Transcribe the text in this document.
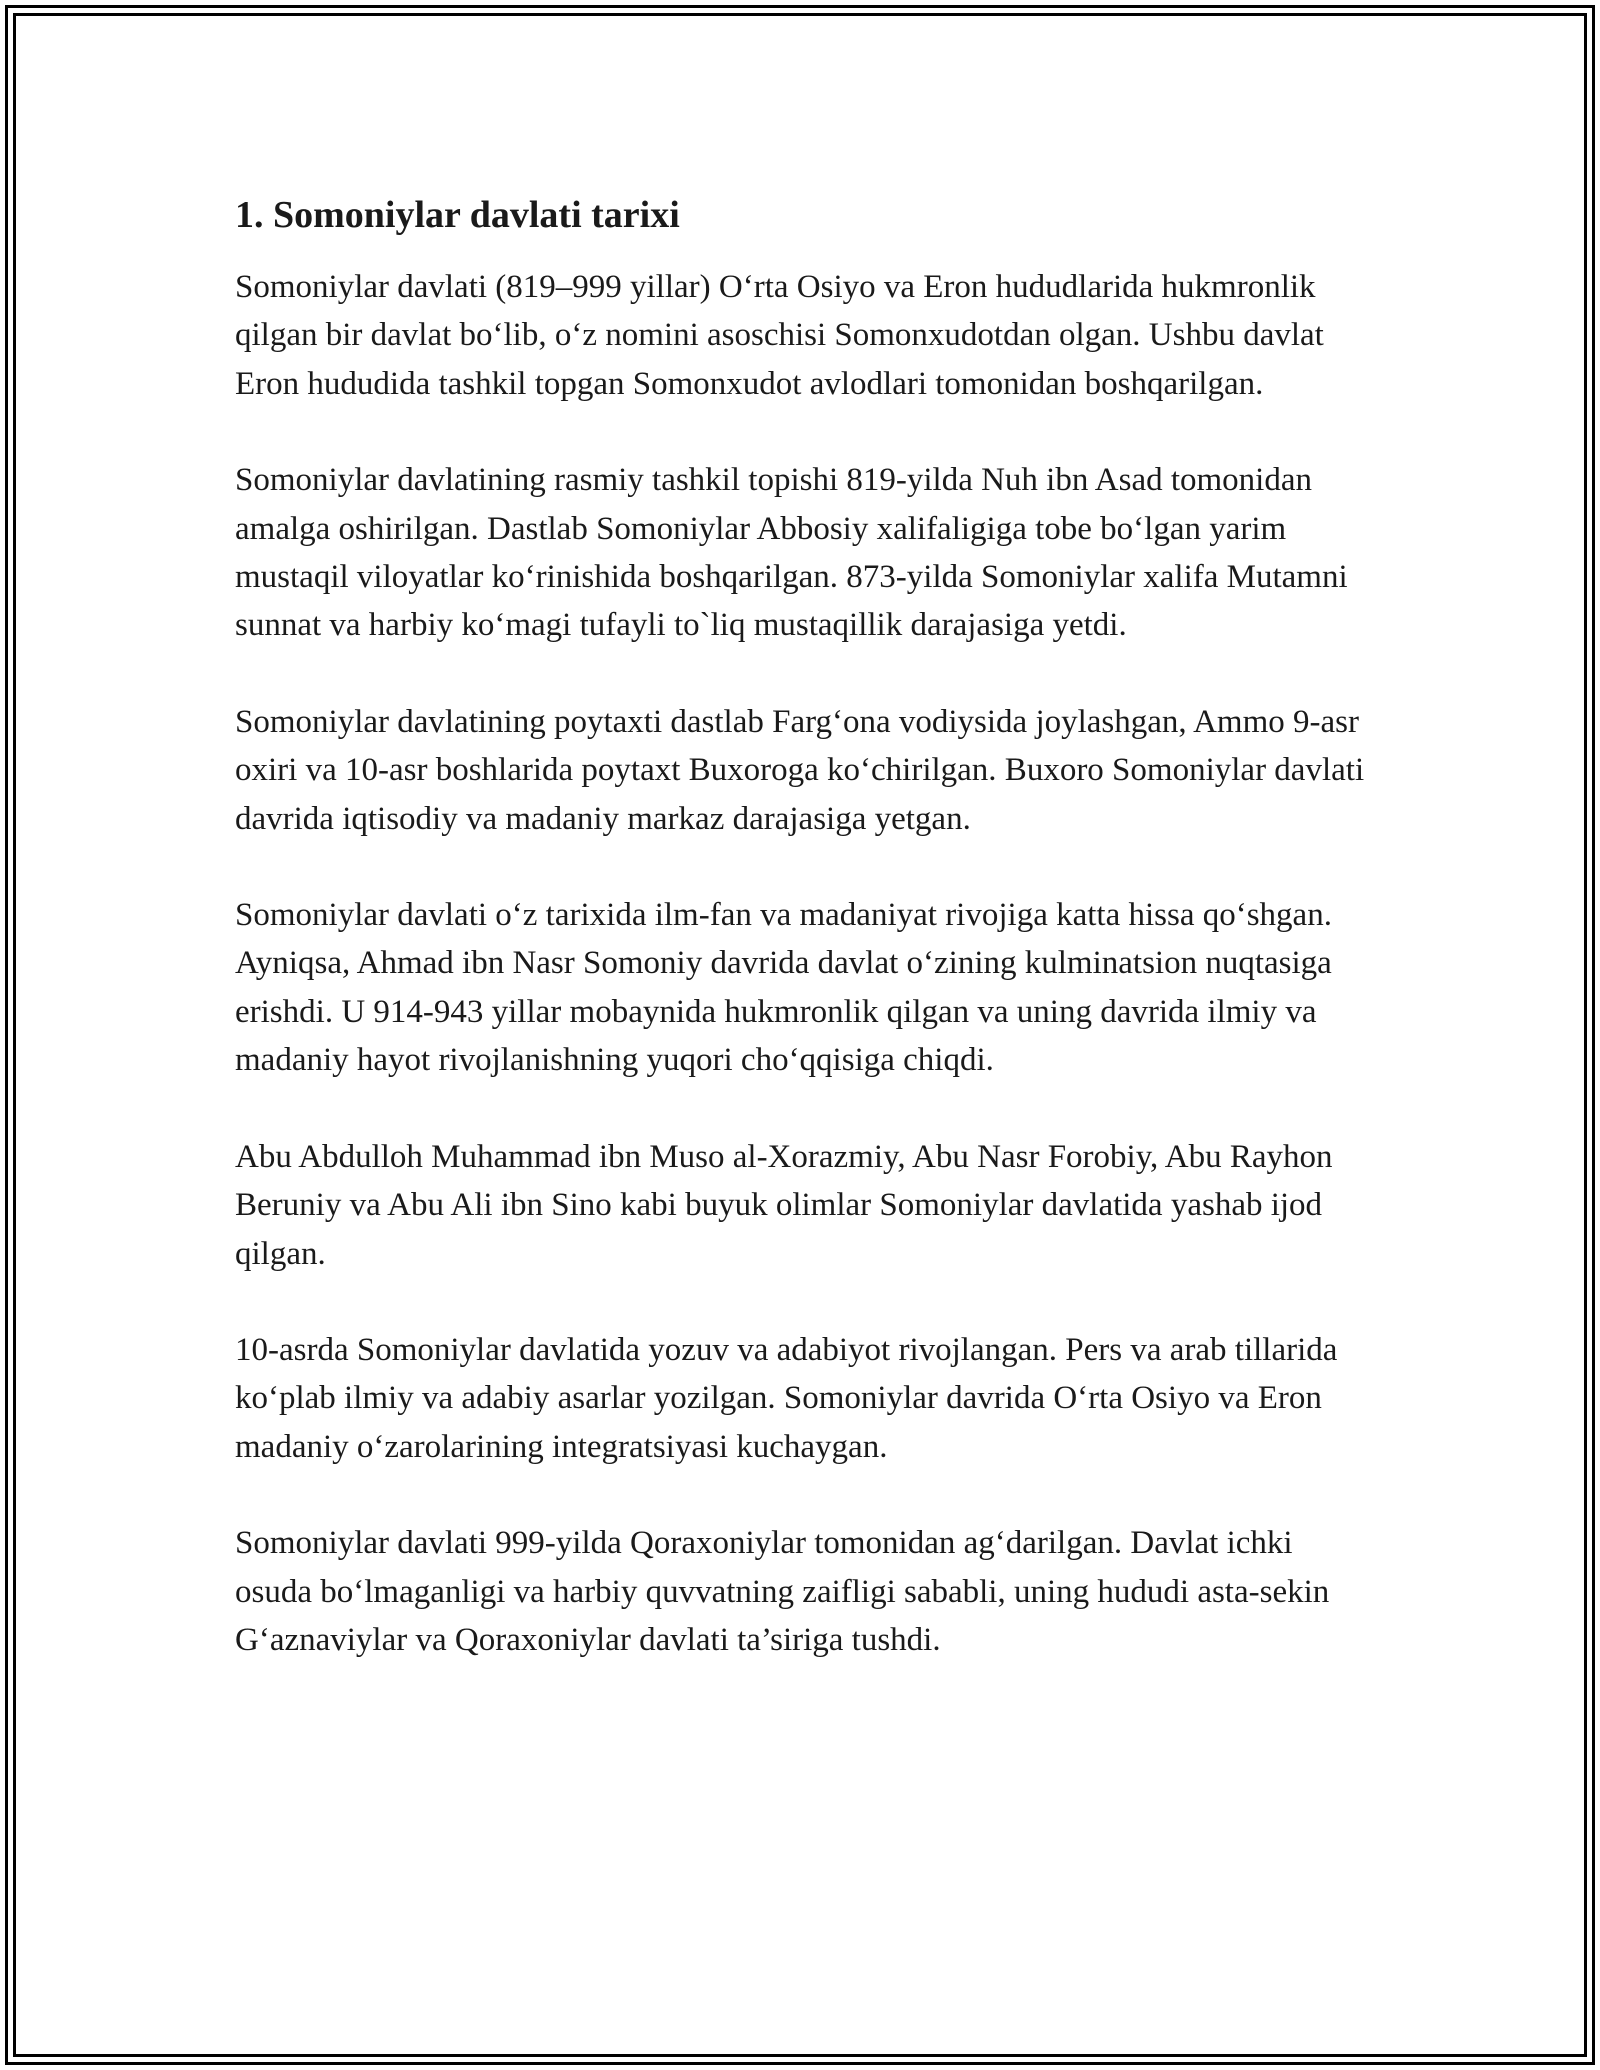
1. Somoniylar davlati tarixi

Somoniylar davlati (819–999 yillar) O‘rta Osiyo va Eron hududlarida hukmronlik qilgan bir davlat bo‘lib, o‘z nomini asoschisi Somonxudotdan olgan. Ushbu davlat Eron hududida tashkil topgan Somonxudot avlodlari tomonidan boshqarilgan.

Somoniylar davlatining rasmiy tashkil topishi 819-yilda Nuh ibn Asad tomonidan amalga oshirilgan. Dastlab Somoniylar Abbosiy xalifaligiga tobe bo‘lgan yarim mustaqil viloyatlar ko‘rinishida boshqarilgan. 873-yilda Somoniylar xalifa Mutamni sunnat va harbiy ko‘magi tufayli to`liq mustaqillik darajasiga yetdi.

Somoniylar davlatining poytaxti dastlab Farg‘ona vodiysida joylashgan, Ammo 9-asr oxiri va 10-asr boshlarida poytaxt Buxoroga ko‘chirilgan. Buxoro Somoniylar davlati davrida iqtisodiy va madaniy markaz darajasiga yetgan.

Somoniylar davlati o‘z tarixida ilm-fan va madaniyat rivojiga katta hissa qo‘shgan. Ayniqsa, Ahmad ibn Nasr Somoniy davrida davlat o‘zining kulminatsion nuqtasiga erishdi. U 914-943 yillar mobaynida hukmronlik qilgan va uning davrida ilmiy va madaniy hayot rivojlanishning yuqori cho‘qqisiga chiqdi.

Abu Abdulloh Muhammad ibn Muso al-Xorazmiy, Abu Nasr Forobiy, Abu Rayhon Beruniy va Abu Ali ibn Sino kabi buyuk olimlar Somoniylar davlatida yashab ijod qilgan.

10-asrda Somoniylar davlatida yozuv va adabiyot rivojlangan. Pers va arab tillarida ko‘plab ilmiy va adabiy asarlar yozilgan. Somoniylar davrida O‘rta Osiyo va Eron madaniy o‘zarolarining integratsiyasi kuchaygan.

Somoniylar davlati 999-yilda Qoraxoniylar tomonidan ag‘darilgan. Davlat ichki osuda bo‘lmaganligi va harbiy quvvatning zaifligi sababli, uning hududi asta-sekin G‘aznaviylar va Qoraxoniylar davlati ta’siriga tushdi.
